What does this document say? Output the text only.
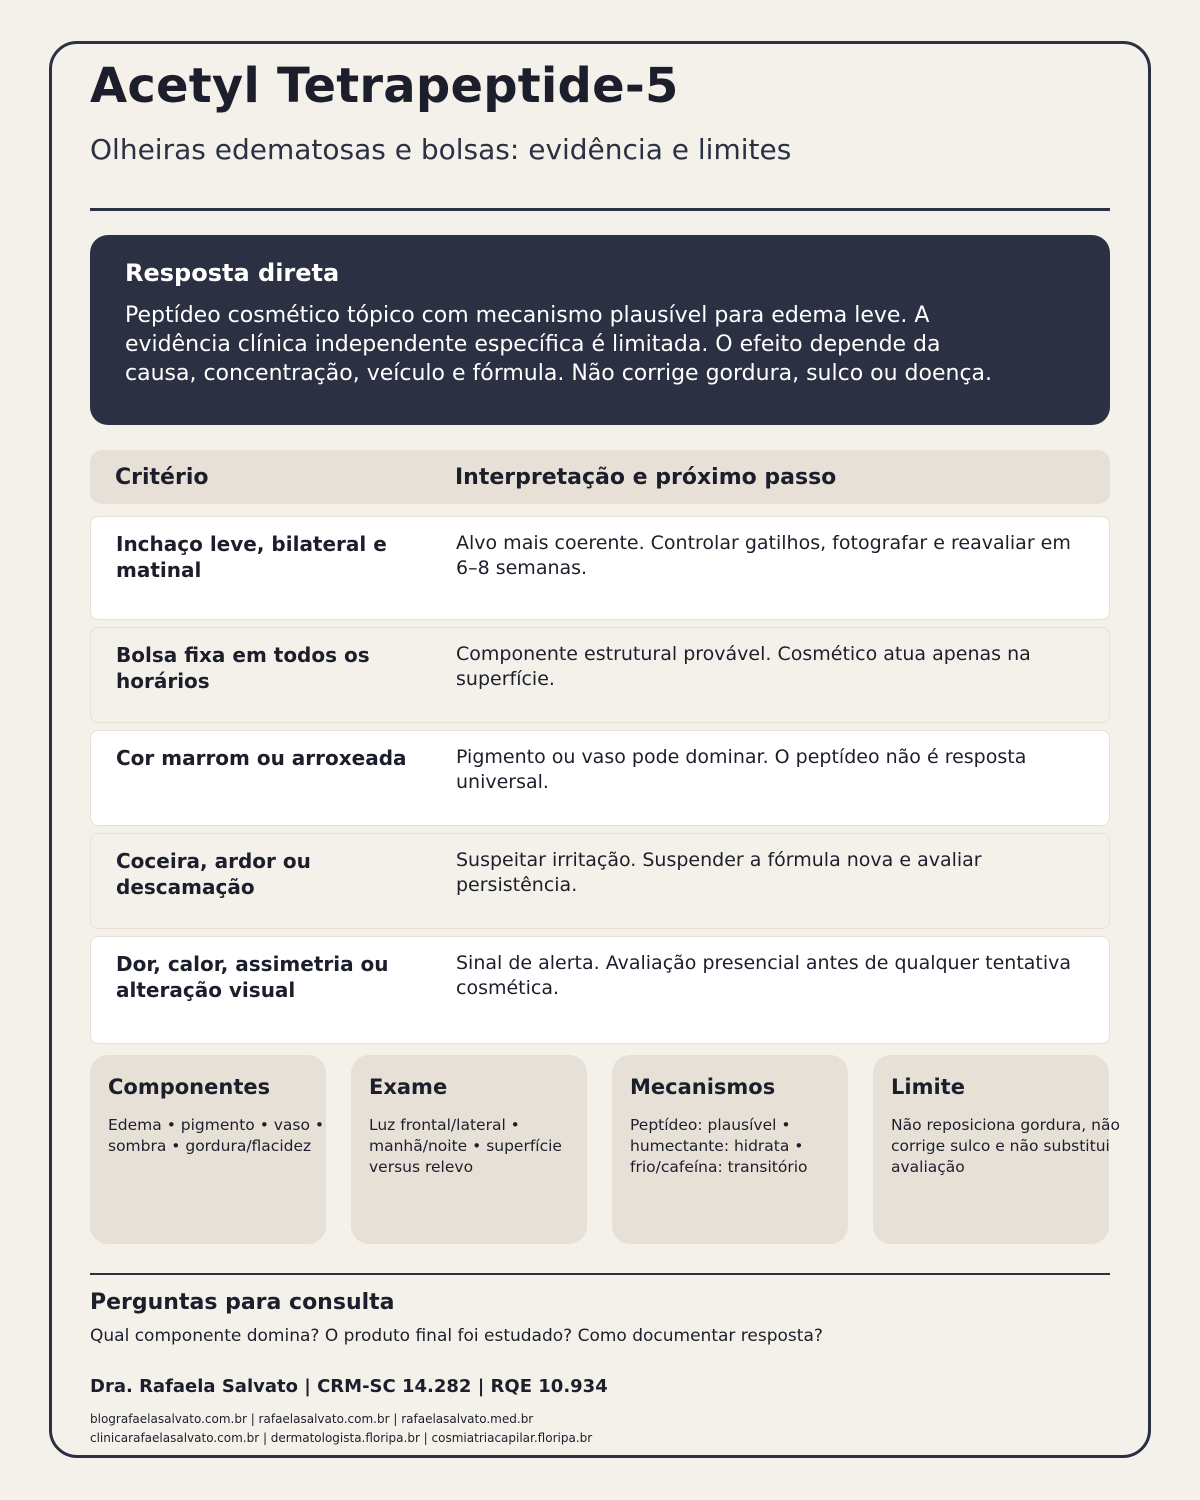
Acetyl Tetrapeptide-5
Olheiras edematosas e bolsas: evidência e limites
Resposta direta

Peptídeo cosmético tópico com mecanismo plausível para edema leve. A evidência clínica independente específica é limitada. O efeito depende da causa, concentração, veículo e fórmula. Não corrige gordura, sulco ou doença.

Critério	Interpretação e próximo passo
Inchaço leve, bilateral e matinal
Alvo mais coerente. Controlar gatilhos, fotografar e reavaliar em 6–8 semanas.
Bolsa fixa em todos os horários
Componente estrutural provável. Cosmético atua apenas na superfície.
Cor marrom ou arroxeada	Pigmento ou vaso pode dominar. O peptídeo não é resposta universal.
Coceira, ardor ou descamação
Suspeitar irritação. Suspender a fórmula nova e avaliar persistência.
Dor, calor, assimetria ou alteração visual
Sinal de alerta. Avaliação presencial antes de qualquer tentativa cosmética.
Componentes

Edema • pigmento • vaso • sombra • gordura/flacidez

Exame

Luz frontal/lateral • manhã/noite • superfície versus relevo

Mecanismos

Peptídeo: plausível • humectante: hidrata • frio/cafeína: transitório

Limite

Não reposiciona gordura, não corrige sulco e não substitui avaliação

Perguntas para consulta
Qual componente domina? O produto final foi estudado? Como documentar resposta?
Dra. Rafaela Salvato | CRM-SC 14.282 | RQE 10.934
blografaelasalvato.com.br | rafaelasalvato.com.br | rafaelasalvato.med.br
clinicarafaelasalvato.com.br | dermatologista.floripa.br | cosmiatriacapilar.floripa.br
